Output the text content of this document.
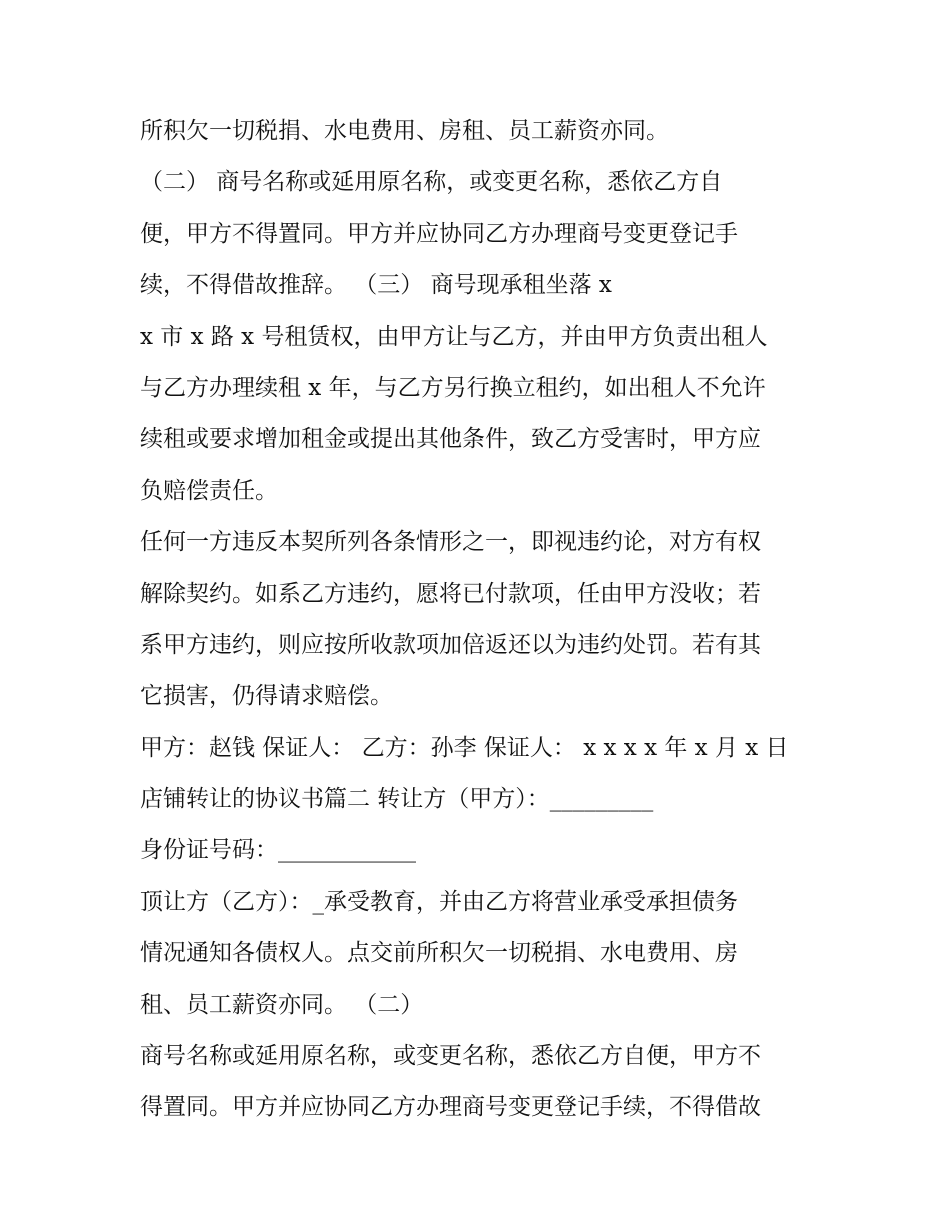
所积欠一切税捐、水电费用、房租、员工薪资亦同。
（二） 商号名称或延用原名称，或变更名称，悉依乙方自
便，甲方不得置同。甲方并应协同乙方办理商号变更登记手
续，不得借故推辞。 （三） 商号现承租坐落 x
x 市 x 路 x 号租赁权，由甲方让与乙方，并由甲方负责出租人
与乙方办理续租 x 年，与乙方另行换立租约，如出租人不允许
续租或要求增加租金或提出其他条件，致乙方受害时，甲方应
负赔偿责任。
任何一方违反本契所列各条情形之一，即视违约论，对方有权
解除契约。如系乙方违约，愿将已付款项，任由甲方没收；若
系甲方违约，则应按所收款项加倍返还以为违约处罚。若有其
它损害，仍得请求赔偿。
甲方：赵钱 保证人： 乙方：孙李 保证人： x x x x 年 x 月 x 日
店铺转让的协议书篇二 转让方（甲方）：_________
身份证号码：____________
顶让方（乙方）：_承受教育，并由乙方将营业承受承担债务
情况通知各债权人。点交前所积欠一切税捐、水电费用、房
租、员工薪资亦同。 （二）
商号名称或延用原名称，或变更名称，悉依乙方自便，甲方不
得置同。甲方并应协同乙方办理商号变更登记手续，不得借故
